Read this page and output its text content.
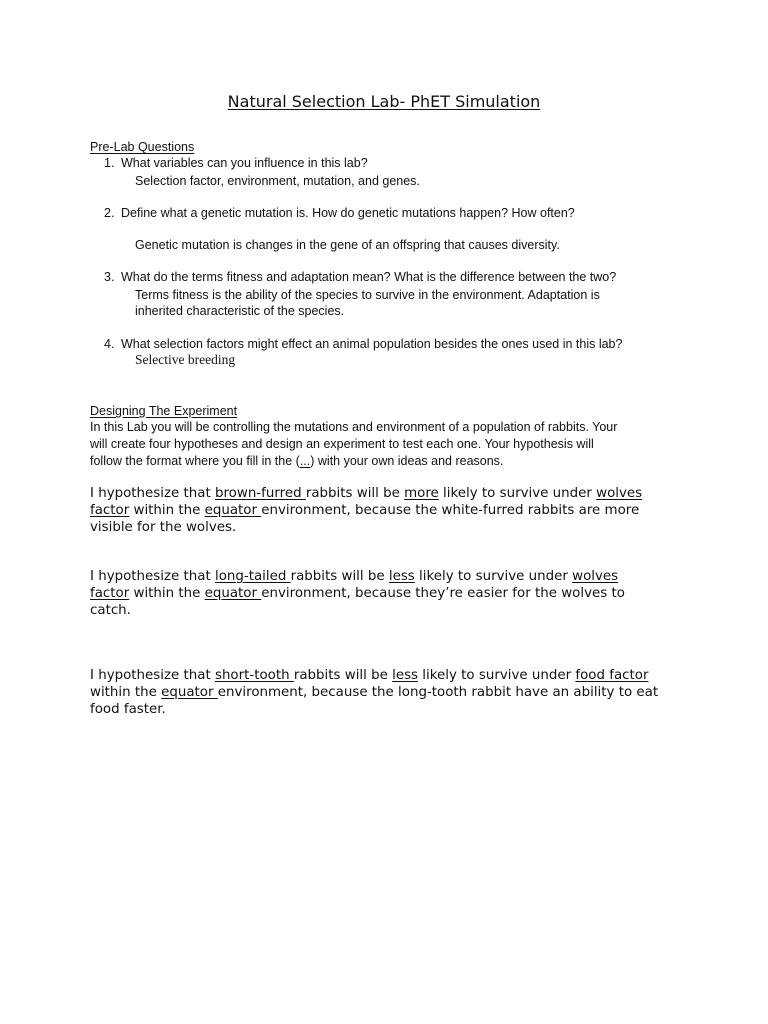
Natural Selection Lab- PhET Simulation
Pre-Lab Questions
1. What variables can you influence in this lab?
Selection factor, environment, mutation, and genes.
2. Define what a genetic mutation is. How do genetic mutations happen? How often?
Genetic mutation is changes in the gene of an offspring that causes diversity.
3. What do the terms fitness and adaptation mean? What is the difference between the two?
Terms fitness is the ability of the species to survive in the environment. Adaptation is
inherited characteristic of the species.
4. What selection factors might effect an animal population besides the ones used in this lab?
Selective breeding
Designing The Experiment
In this Lab you will be controlling the mutations and environment of a population of rabbits. Your
will create four hypotheses and design an experiment to test each one. Your hypothesis will
follow the format where you fill in the (...) with your own ideas and reasons.
I hypothesize that brown-furred rabbits will be more likely to survive under wolves
factor within the equator environment, because the white-furred rabbits are more
visible for the wolves.
I hypothesize that long-tailed rabbits will be less likely to survive under wolves
factor within the equator environment, because they’re easier for the wolves to
catch.
I hypothesize that short-tooth rabbits will be less likely to survive under food factor
within the equator environment, because the long-tooth rabbit have an ability to eat
food faster.
